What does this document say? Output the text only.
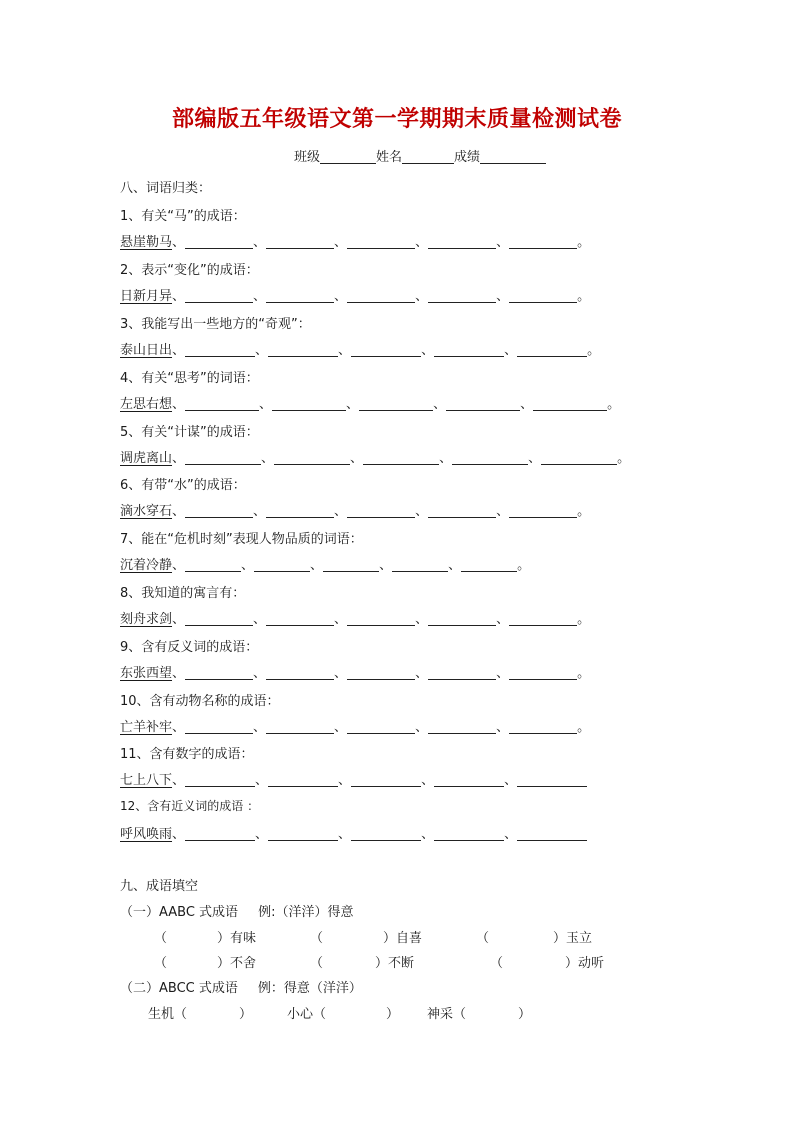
部编版五年级语文第一学期期末质量检测试卷
班级	姓名	成绩
八、词语归类：
1、有关“马”的成语：
悬崖勒马、	、	、	、	、	。
2、表示“变化”的成语：
日新月异、	、	、	、	、	。
3、我能写出一些地方的“奇观”：
泰山日出、	、	、	、	、	。
4、有关“思考”的词语：
左思右想、	、	、	、	、	。
5、有关“计谋”的成语：
调虎离山、	、	、	、	、	。
6、有带“水”的成语：
滴水穿石、	、	、	、	、	。
7、能在“危机时刻”表现人物品质的词语：
沉着冷静、	、	、	、	、	。
8、我知道的寓言有：
刻舟求剑、	、	、	、	、	。
9、含有反义词的成语：
东张西望、	、	、	、	、	。
10、含有动物名称的成语：
亡羊补牢、	、	、	、	、	。
11、含有数字的成语：
七上八下、	、	、	、	、
12、含有近义词的成语 ：
呼风唤雨、	、	、	、	、
九、成语填空
（一）AABC 式成语 例:（洋洋）得意
（	）有味	（	）自喜	（	）玉立
（	）不舍	（	）不断	（	）动听
（二）ABCC 式成语 例：得意（洋洋）
生机（	）	小心（	） 神采（	）
